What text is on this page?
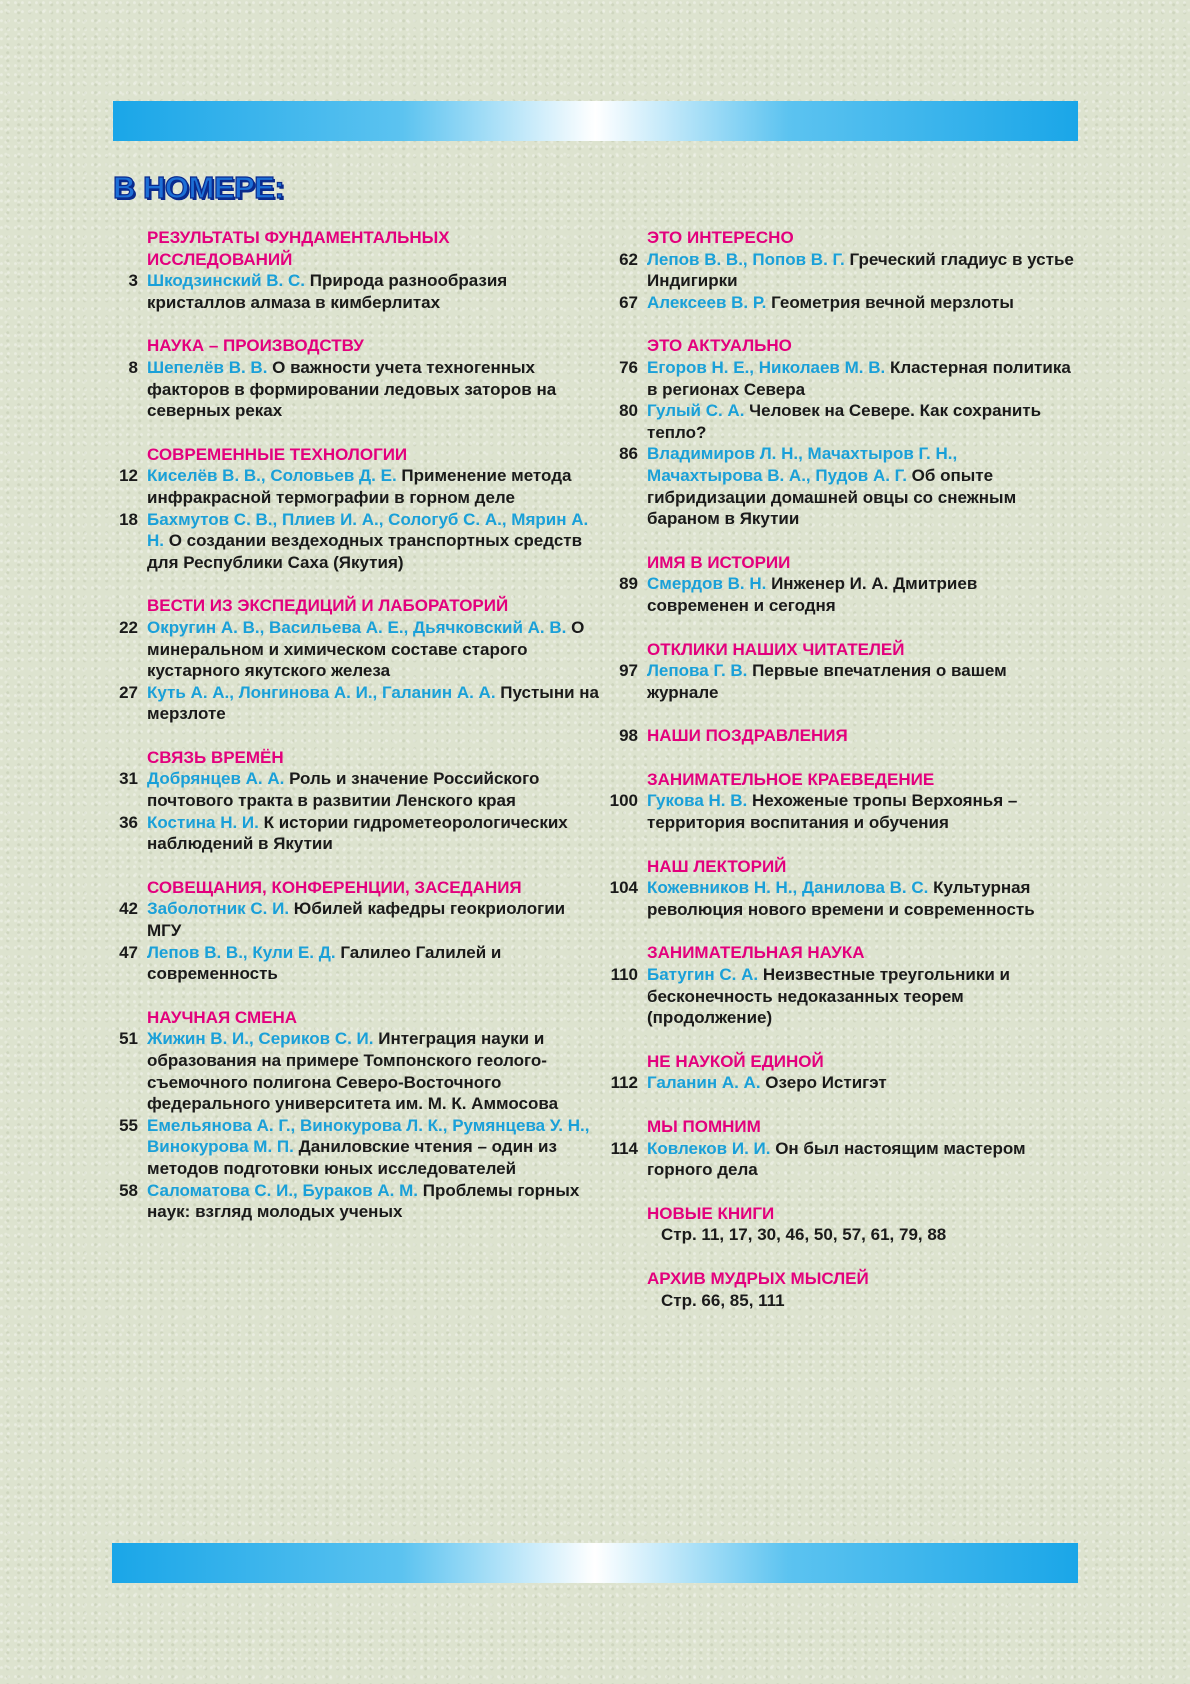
В НОМЕРЕ:
РЕЗУЛЬТАТЫ ФУНДАМЕНТАЛЬНЫХ
ИССЛЕДОВАНИЙ
3 Шкодзинский В. С. Природа разнообразия кристаллов алмаза в кимберлитах
НАУКА – ПРОИЗВОДСТВУ
8 Шепелёв В. В. О важности учета техногенных факторов в формировании ледовых заторов на северных реках
СОВРЕМЕННЫЕ ТЕХНОЛОГИИ
12 Киселёв В. В., Соловьев Д. Е. Применение метода инфракрасной термографии в горном деле
18 Бахмутов С. В., Плиев И. А., Сологуб С. А., Мярин А. Н. О создании вездеходных транспортных средств для Республики Саха (Якутия)
ВЕСТИ ИЗ ЭКСПЕДИЦИЙ И ЛАБОРАТОРИЙ
22 Округин А. В., Васильева А. Е., Дьячковский А. В. О минеральном и химическом составе старого кустарного якутского железа
27 Куть А. А., Лонгинова А. И., Галанин А. А. Пустыни на мерзлоте
СВЯЗЬ ВРЕМЁН
31 Добрянцев А. А. Роль и значение Российского почтового тракта в развитии Ленского края
36 Костина Н. И. К истории гидрометеорологических наблюдений в Якутии
СОВЕЩАНИЯ, КОНФЕРЕНЦИИ, ЗАСЕДАНИЯ
42 Заболотник С. И. Юбилей кафедры геокриологии МГУ
47 Лепов В. В., Кули Е. Д. Галилео Галилей и современность
НАУЧНАЯ СМЕНА
51 Жижин В. И., Сериков С. И. Интеграция науки и образования на примере Томпонского геолого-съемочного полигона Северо-Восточного федерального университета им. М. К. Аммосова
55 Емельянова А. Г., Винокурова Л. К., Румянцева У. Н., Винокурова М. П. Даниловские чтения – один из методов подготовки юных исследователей
58 Саломатова С. И., Бураков А. М. Проблемы горных наук: взгляд молодых ученых
ЭТО ИНТЕРЕСНО
62 Лепов В. В., Попов В. Г. Греческий гладиус в устье Индигирки
67 Алексеев В. Р. Геометрия вечной мерзлоты
ЭТО АКТУАЛЬНО
76 Егоров Н. Е., Николаев М. В. Кластерная политика в регионах Севера
80 Гулый С. А. Человек на Севере. Как сохранить тепло?
86 Владимиров Л. Н., Мачахтыров Г. Н., Мачахтырова В. А., Пудов А. Г. Об опыте гибридизации домашней овцы со снежным бараном в Якутии
ИМЯ В ИСТОРИИ
89 Смердов В. Н. Инженер И. А. Дмитриев современен и сегодня
ОТКЛИКИ НАШИХ ЧИТАТЕЛЕЙ
97 Лепова Г. В. Первые впечатления о вашем журнале
98 НАШИ ПОЗДРАВЛЕНИЯ
ЗАНИМАТЕЛЬНОЕ КРАЕВЕДЕНИЕ
100 Гукова Н. В. Нехоженые тропы Верхоянья – территория воспитания и обучения
НАШ ЛЕКТОРИЙ
104 Кожевников Н. Н., Данилова В. С. Культурная революция нового времени и современность
ЗАНИМАТЕЛЬНАЯ НАУКА
110 Батугин С. А. Неизвестные треугольники и бесконечность недоказанных теорем (продолжение)
НЕ НАУКОЙ ЕДИНОЙ
112 Галанин А. А. Озеро Истигэт
МЫ ПОМНИМ
114 Ковлеков И. И. Он был настоящим мастером горного дела
НОВЫЕ КНИГИ
Стр. 11, 17, 30, 46, 50, 57, 61, 79, 88
АРХИВ МУДРЫХ МЫСЛЕЙ
Стр. 66, 85, 111
